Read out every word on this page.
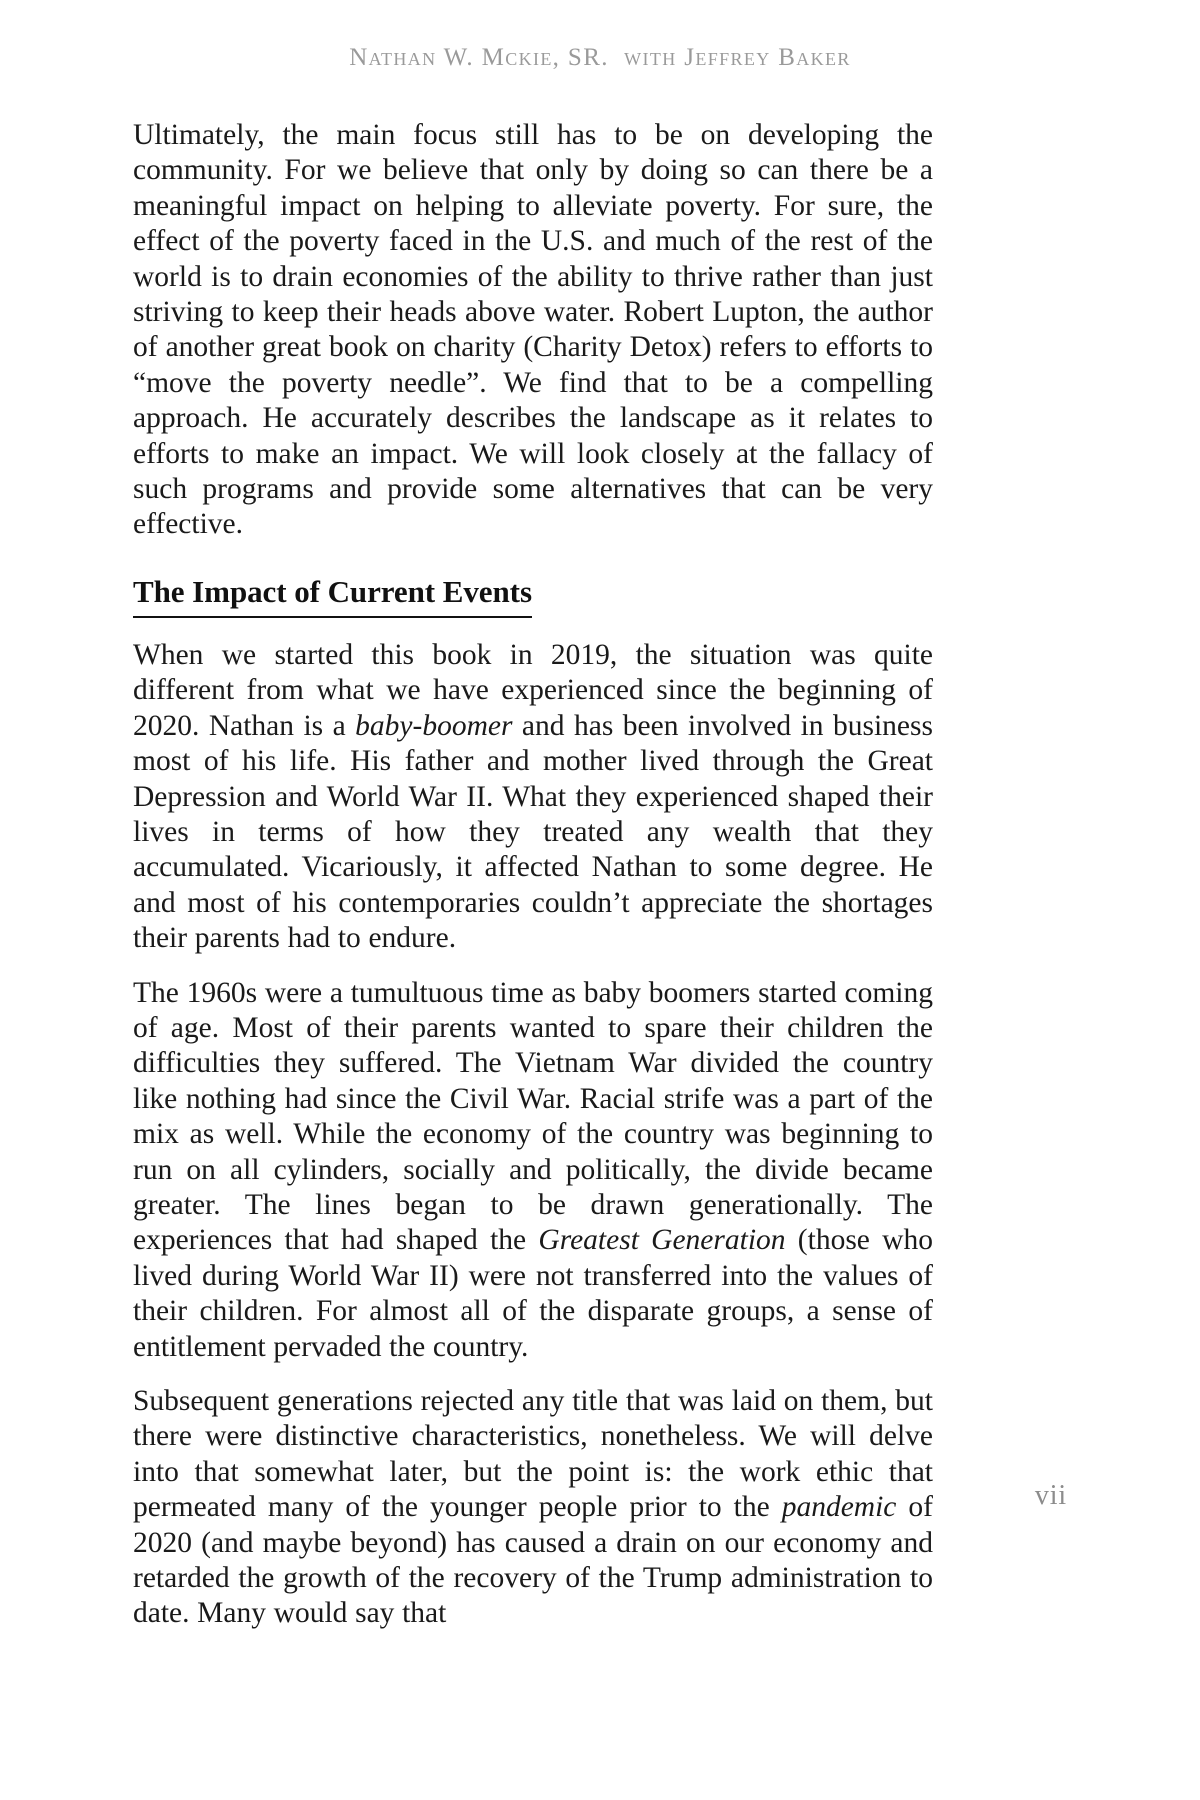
Nathan W. Mckie, SR.  with Jeffrey Baker

Ultimately, the main focus still has to be on developing the community. For we believe that only by doing so can there be a meaningful impact on helping to alleviate poverty. For sure, the effect of the poverty faced in the U.S. and much of the rest of the world is to drain economies of the ability to thrive rather than just striving to keep their heads above water. Robert Lupton, the author of another great book on charity (Charity Detox) refers to efforts to “move the poverty needle”. We find that to be a compelling approach. He accurately describes the landscape as it relates to efforts to make an impact. We will look closely at the fallacy of such programs and provide some alternatives that can be very effective.

The Impact of Current Events

When we started this book in 2019, the situation was quite different from what we have experienced since the beginning of 2020. Nathan is a baby-boomer and has been involved in business most of his life. His father and mother lived through the Great Depression and World War II. What they experienced shaped their lives in terms of how they treated any wealth that they accumulated. Vicariously, it affected Nathan to some degree. He and most of his contemporaries couldn’t appreciate the shortages their parents had to endure.

The 1960s were a tumultuous time as baby boomers started coming of age. Most of their parents wanted to spare their children the difficulties they suffered. The Vietnam War divided the country like nothing had since the Civil War. Racial strife was a part of the mix as well. While the economy of the country was beginning to run on all cylinders, socially and politically, the divide became greater. The lines began to be drawn generationally. The experiences that had shaped the Greatest Generation (those who lived during World War II) were not transferred into the values of their children. For almost all of the disparate groups, a sense of entitlement pervaded the country.

Subsequent generations rejected any title that was laid on them, but there were distinctive characteristics, nonetheless. We will delve into that somewhat later, but the point is: the work ethic that permeated many of the younger people prior to the pandemic of 2020 (and maybe beyond) has caused a drain on our economy and retarded the growth of the recovery of the Trump administration to date. Many would say that

vii
